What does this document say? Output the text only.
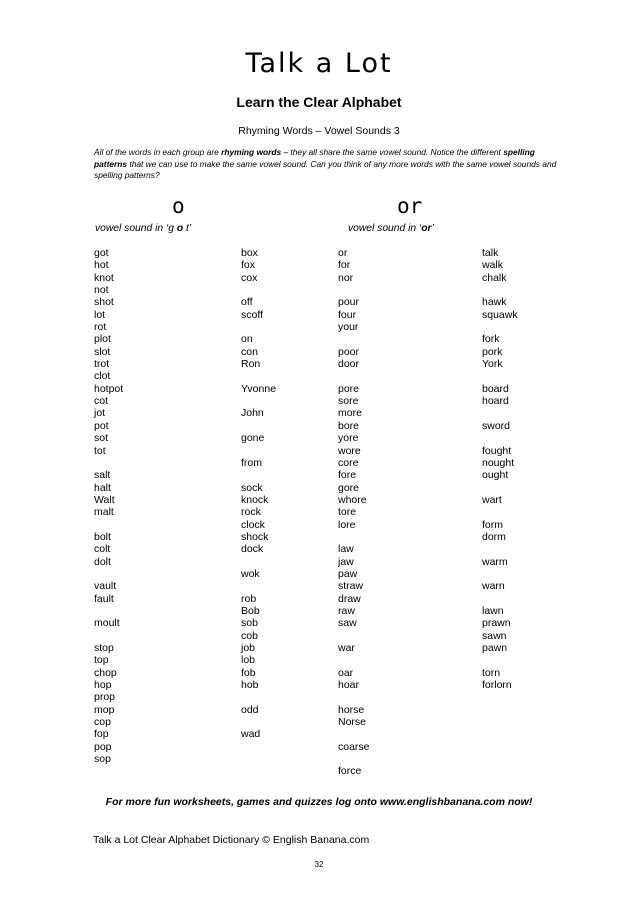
Talk a Lot
Learn the Clear Alphabet
Rhyming Words – Vowel Sounds 3
All of the words in each group are rhyming words – they all share the same vowel sound. Notice the different spelling patterns that we can use to make the same vowel sound. Can you think of any more words with the same vowel sounds and spelling patterns?
o
vowel sound in ‘g o t’
or
vowel sound in ‘or’
got
hot
knot
not
shot
lot
rot
plot
slot
trot
clot
hotpot
cot
jot
pot
sot
tot
salt
halt
Walt
malt
bolt
colt
dolt
vault
fault
moult
stop
top
chop
hop
prop
mop
cop
fop
pop
sop
box
fox
cox
off
scoff
on
con
Ron
Yvonne
John
gone
from
sock
knock
rock
clock
shock
dock
wok
rob
Bob
sob
cob
job
lob
fob
hob
odd
wad
or
for
nor
pour
four
your
poor
door
pore
sore
more
bore
yore
wore
core
fore
gore
whore
tore
lore
law
jaw
paw
straw
draw
raw
saw
war
oar
hoar
horse
Norse
coarse
force
talk
walk
chalk
hawk
squawk
fork
pork
York
board
hoard
sword
fought
nought
ought
wart
form
dorm
warm
warn
lawn
prawn
sawn
pawn
torn
forlorn
For more fun worksheets, games and quizzes log onto www.englishbanana.com now!
Talk a Lot Clear Alphabet Dictionary © English Banana.com
32
